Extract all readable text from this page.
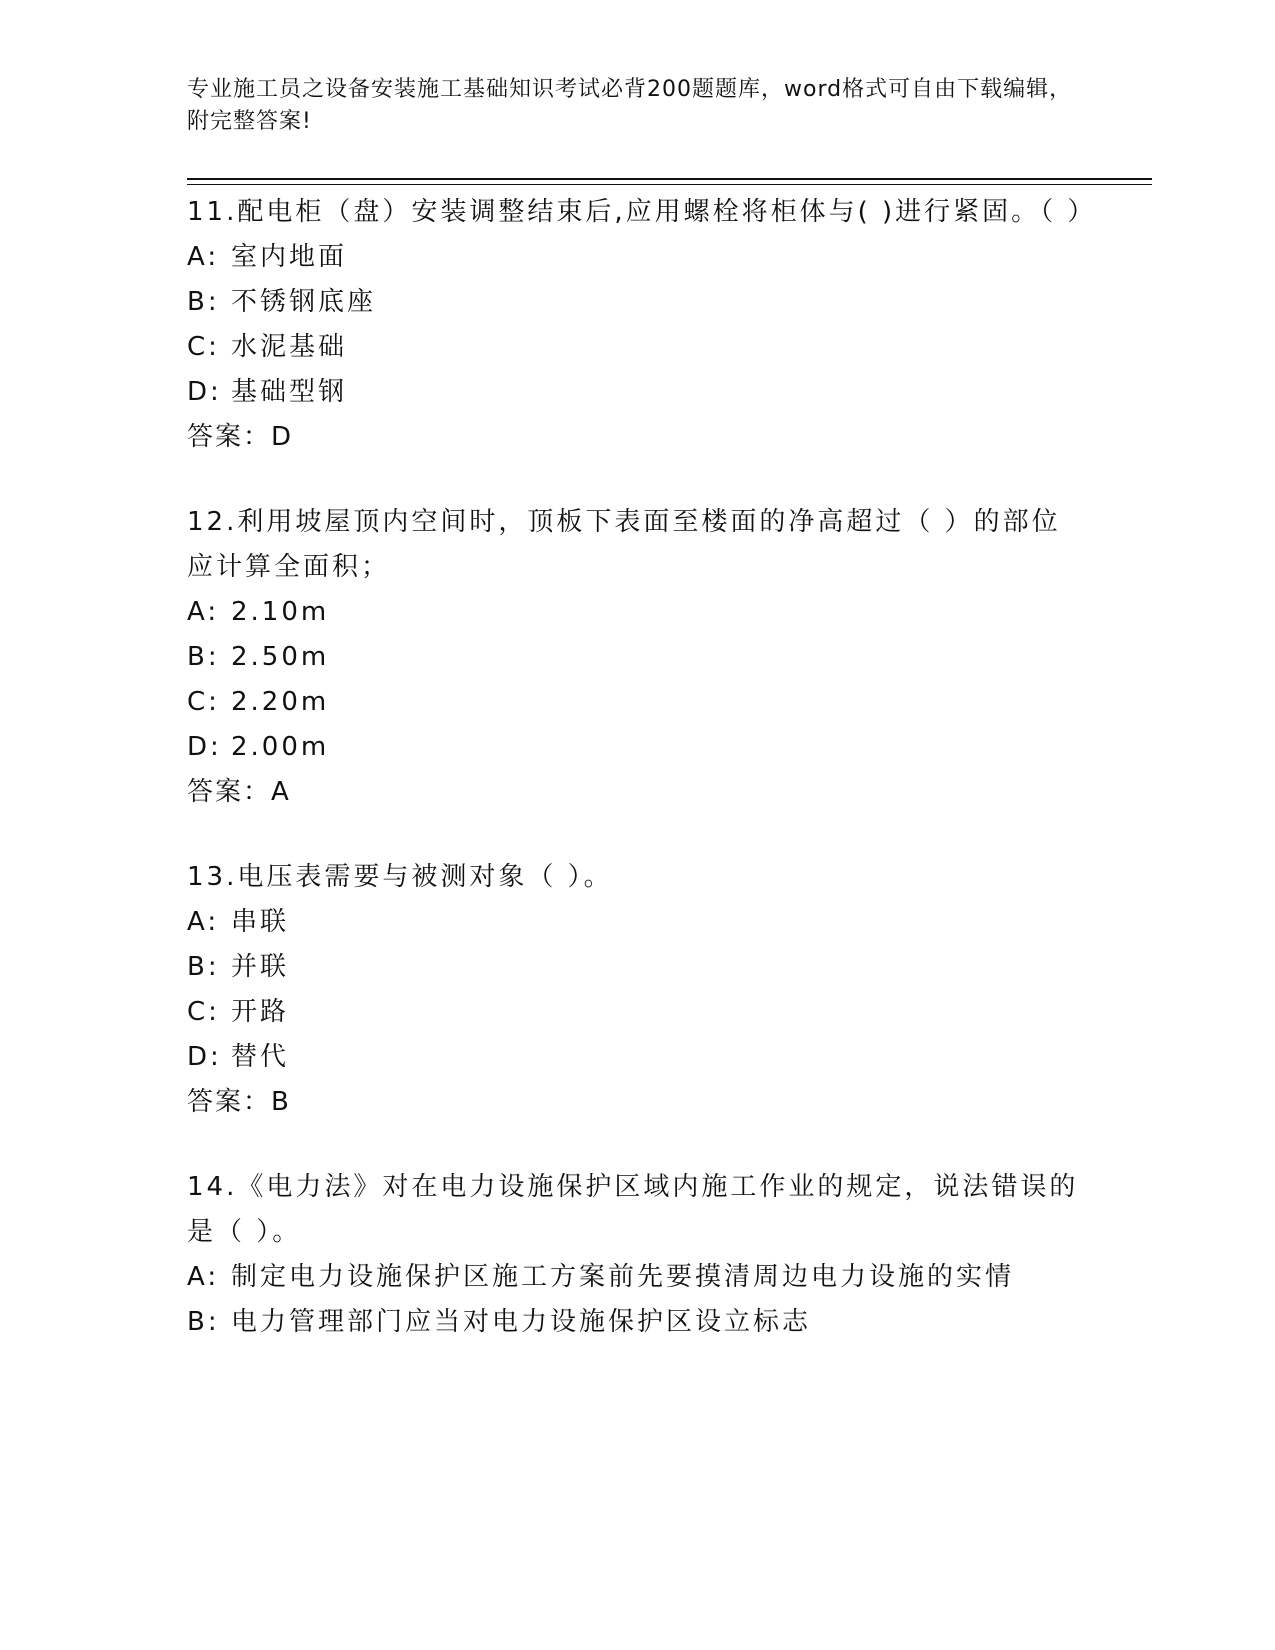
专业施工员之设备安装施工基础知识考试必背200题题库，word格式可自由下载编辑，附完整答案!

11.配电柜（盘）安装调整结束后,应用螺栓将柜体与( )进行紧固。（ ）

A: 室内地面

B: 不锈钢底座

C: 水泥基础

D: 基础型钢

答案：D

12.利用坡屋顶内空间时，顶板下表面至楼面的净高超过（ ）的部位应计算全面积；

A: 2.10m

B: 2.50m

C: 2.20m

D: 2.00m

答案：A

13.电压表需要与被测对象（ ）。

A: 串联

B: 并联

C: 开路

D: 替代

答案：B

14.《电力法》对在电力设施保护区域内施工作业的规定，说法错误的是（ ）。

A: 制定电力设施保护区施工方案前先要摸清周边电力设施的实情

B: 电力管理部门应当对电力设施保护区设立标志
